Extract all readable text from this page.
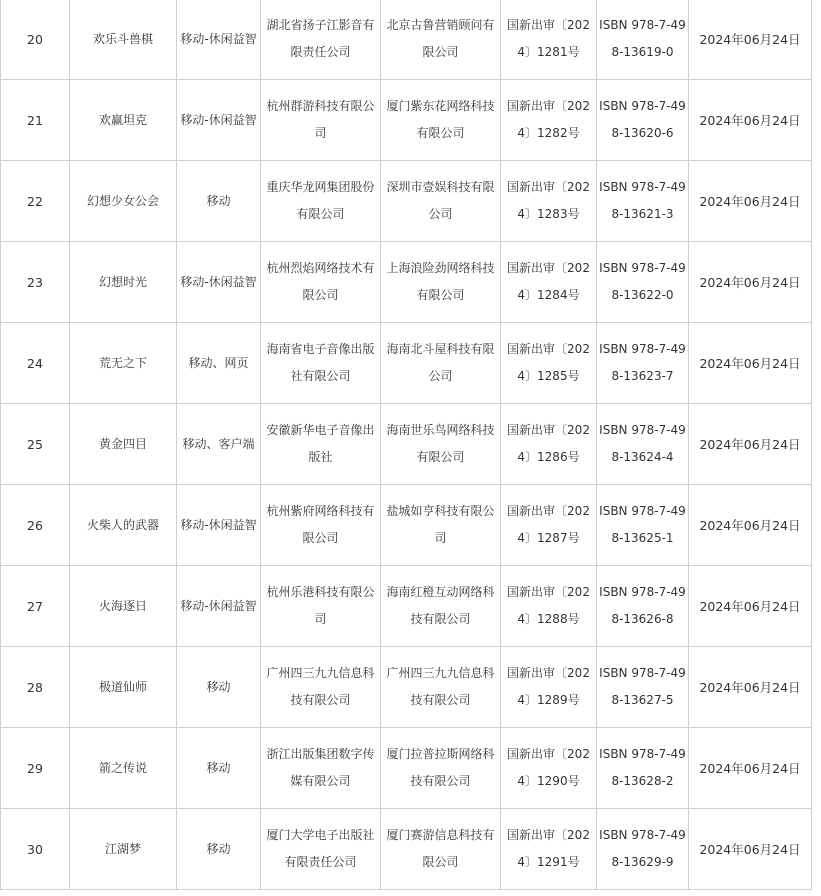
20	欢乐斗兽棋	移动-休闲益智	湖北省扬子江影音有限责任公司	北京古鲁营销顾问有限公司	国新出审〔2024〕1281号	ISBN 978-7-498-13619-0	2024年06月24日
21	欢赢坦克	移动-休闲益智	杭州群游科技有限公司	厦门紫东花网络科技有限公司	国新出审〔2024〕1282号	ISBN 978-7-498-13620-6	2024年06月24日
22	幻想少女公会	移动	重庆华龙网集团股份有限公司	深圳市壹娱科技有限公司	国新出审〔2024〕1283号	ISBN 978-7-498-13621-3	2024年06月24日
23	幻想时光	移动-休闲益智	杭州烈焰网络技术有限公司	上海浪险劲网络科技有限公司	国新出审〔2024〕1284号	ISBN 978-7-498-13622-0	2024年06月24日
24	荒无之下	移动、网页	海南省电子音像出版社有限公司	海南北斗屋科技有限公司	国新出审〔2024〕1285号	ISBN 978-7-498-13623-7	2024年06月24日
25	黄金四目	移动、客户端	安徽新华电子音像出版社	海南世乐鸟网络科技有限公司	国新出审〔2024〕1286号	ISBN 978-7-498-13624-4	2024年06月24日
26	火柴人的武器	移动-休闲益智	杭州紫府网络科技有限公司	盐城如亨科技有限公司	国新出审〔2024〕1287号	ISBN 978-7-498-13625-1	2024年06月24日
27	火海逐日	移动-休闲益智	杭州乐港科技有限公司	海南红橙互动网络科技有限公司	国新出审〔2024〕1288号	ISBN 978-7-498-13626-8	2024年06月24日
28	极道仙师	移动	广州四三九九信息科技有限公司	广州四三九九信息科技有限公司	国新出审〔2024〕1289号	ISBN 978-7-498-13627-5	2024年06月24日
29	箭之传说	移动	浙江出版集团数字传媒有限公司	厦门拉普拉斯网络科技有限公司	国新出审〔2024〕1290号	ISBN 978-7-498-13628-2	2024年06月24日
30	江湖梦	移动	厦门大学电子出版社有限责任公司	厦门赛游信息科技有限公司	国新出审〔2024〕1291号	ISBN 978-7-498-13629-9	2024年06月24日
